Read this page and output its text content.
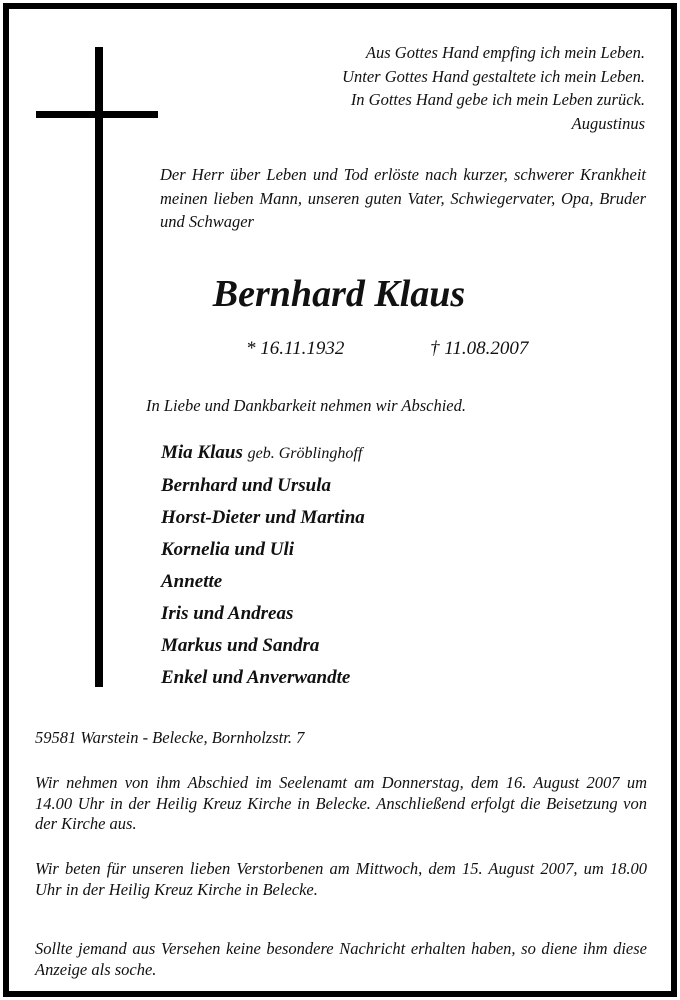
Aus Gottes Hand empfing ich mein Leben.
Unter Gottes Hand gestaltete ich mein Leben.
In Gottes Hand gebe ich mein Leben zurück.
Augustinus
Der Herr über Leben und Tod erlöste nach kurzer, schwerer Krankheit meinen lieben Mann, unseren guten Vater, Schwiegervater, Opa, Bruder und Schwager
Bernhard Klaus
* 16.11.1932	† 11.08.2007
In Liebe und Dankbarkeit nehmen wir Abschied.
Mia Klaus geb. Gröblinghoff
Bernhard und Ursula
Horst-Dieter und Martina
Kornelia und Uli
Annette
Iris und Andreas
Markus und Sandra
Enkel und Anverwandte
59581 Warstein - Belecke, Bornholzstr. 7
Wir nehmen von ihm Abschied im Seelenamt am Donnerstag, dem 16. August 2007 um 14.00 Uhr in der Heilig Kreuz Kirche in Belecke. Anschließend erfolgt die Beisetzung von der Kirche aus.
Wir beten für unseren lieben Verstorbenen am Mittwoch, dem 15. August 2007, um 18.00 Uhr in der Heilig Kreuz Kirche in Belecke.
Sollte jemand aus Versehen keine besondere Nachricht erhalten haben, so diene ihm diese Anzeige als soche.
